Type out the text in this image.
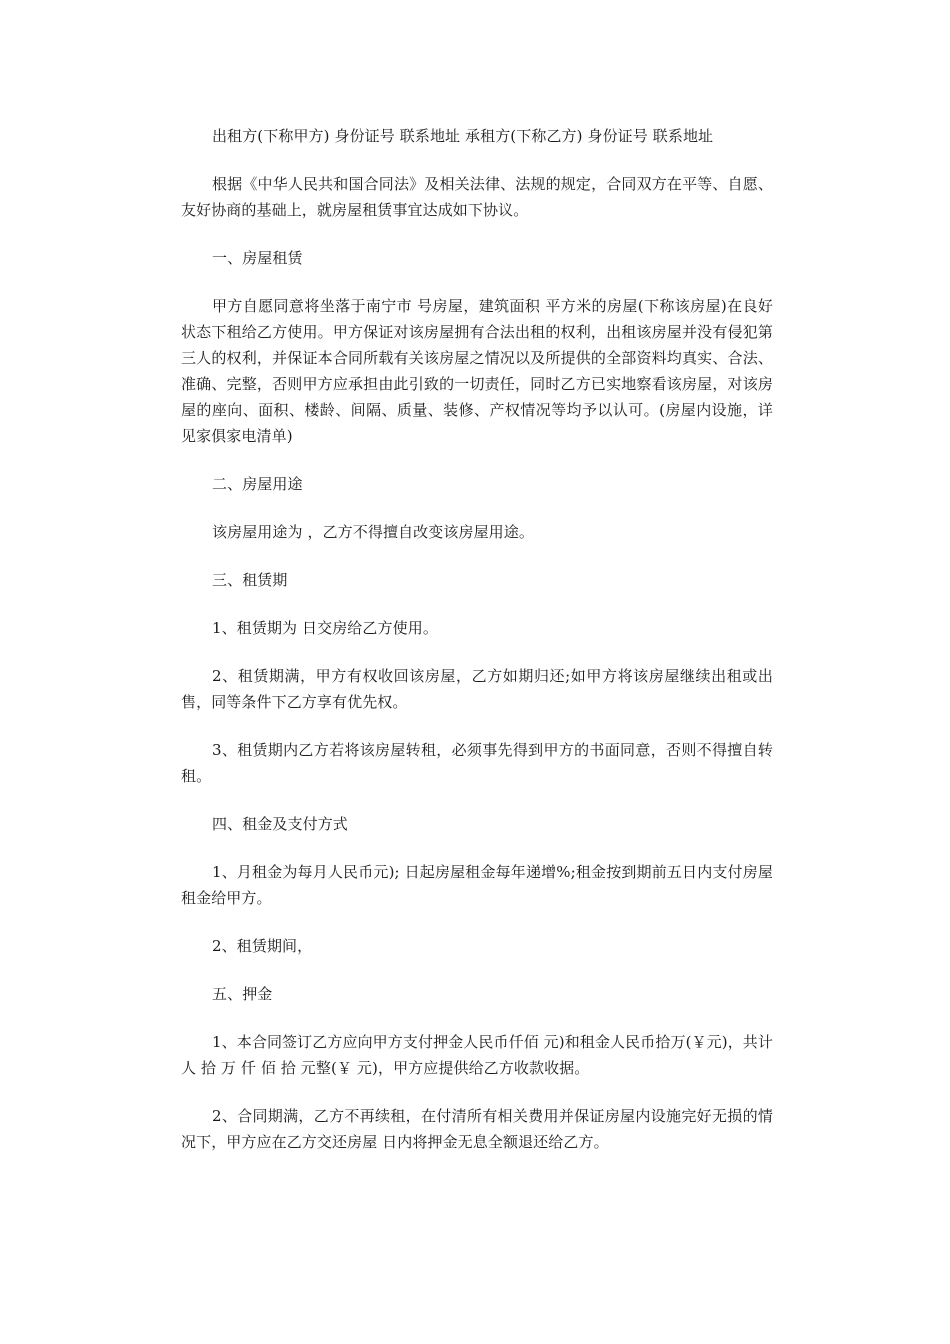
出租方(下称甲方) 身份证号 联系地址 承租方(下称乙方) 身份证号 联系地址

根据《中华人民共和国合同法》及相关法律、法规的规定，合同双方在平等、自愿、友好协商的基础上，就房屋租赁事宜达成如下协议。

一、房屋租赁

甲方自愿同意将坐落于南宁市 号房屋，建筑面积 平方米的房屋(下称该房屋)在良好状态下租给乙方使用。甲方保证对该房屋拥有合法出租的权利，出租该房屋并没有侵犯第三人的权利，并保证本合同所载有关该房屋之情况以及所提供的全部资料均真实、合法、准确、完整，否则甲方应承担由此引致的一切责任，同时乙方已实地察看该房屋，对该房屋的座向、面积、楼龄、间隔、质量、装修、产权情况等均予以认可。(房屋内设施，详见家俱家电清单)

二、房屋用途

该房屋用途为 ，乙方不得擅自改变该房屋用途。

三、租赁期

1、租赁期为 日交房给乙方使用。

2、租赁期满，甲方有权收回该房屋，乙方如期归还;如甲方将该房屋继续出租或出售，同等条件下乙方享有优先权。

3、租赁期内乙方若将该房屋转租，必须事先得到甲方的书面同意，否则不得擅自转租。

四、租金及支付方式

1、月租金为每月人民币元); 日起房屋租金每年递增%;租金按到期前五日内支付房屋租金给甲方。

2、租赁期间，

五、押金

1、本合同签订乙方应向甲方支付押金人民币仟佰 元)和租金人民币拾万(￥元)，共计人 拾 万 仟 佰 拾 元整(￥ 元)，甲方应提供给乙方收款收据。

2、合同期满，乙方不再续租，在付清所有相关费用并保证房屋内设施完好无损的情况下，甲方应在乙方交还房屋 日内将押金无息全额退还给乙方。
